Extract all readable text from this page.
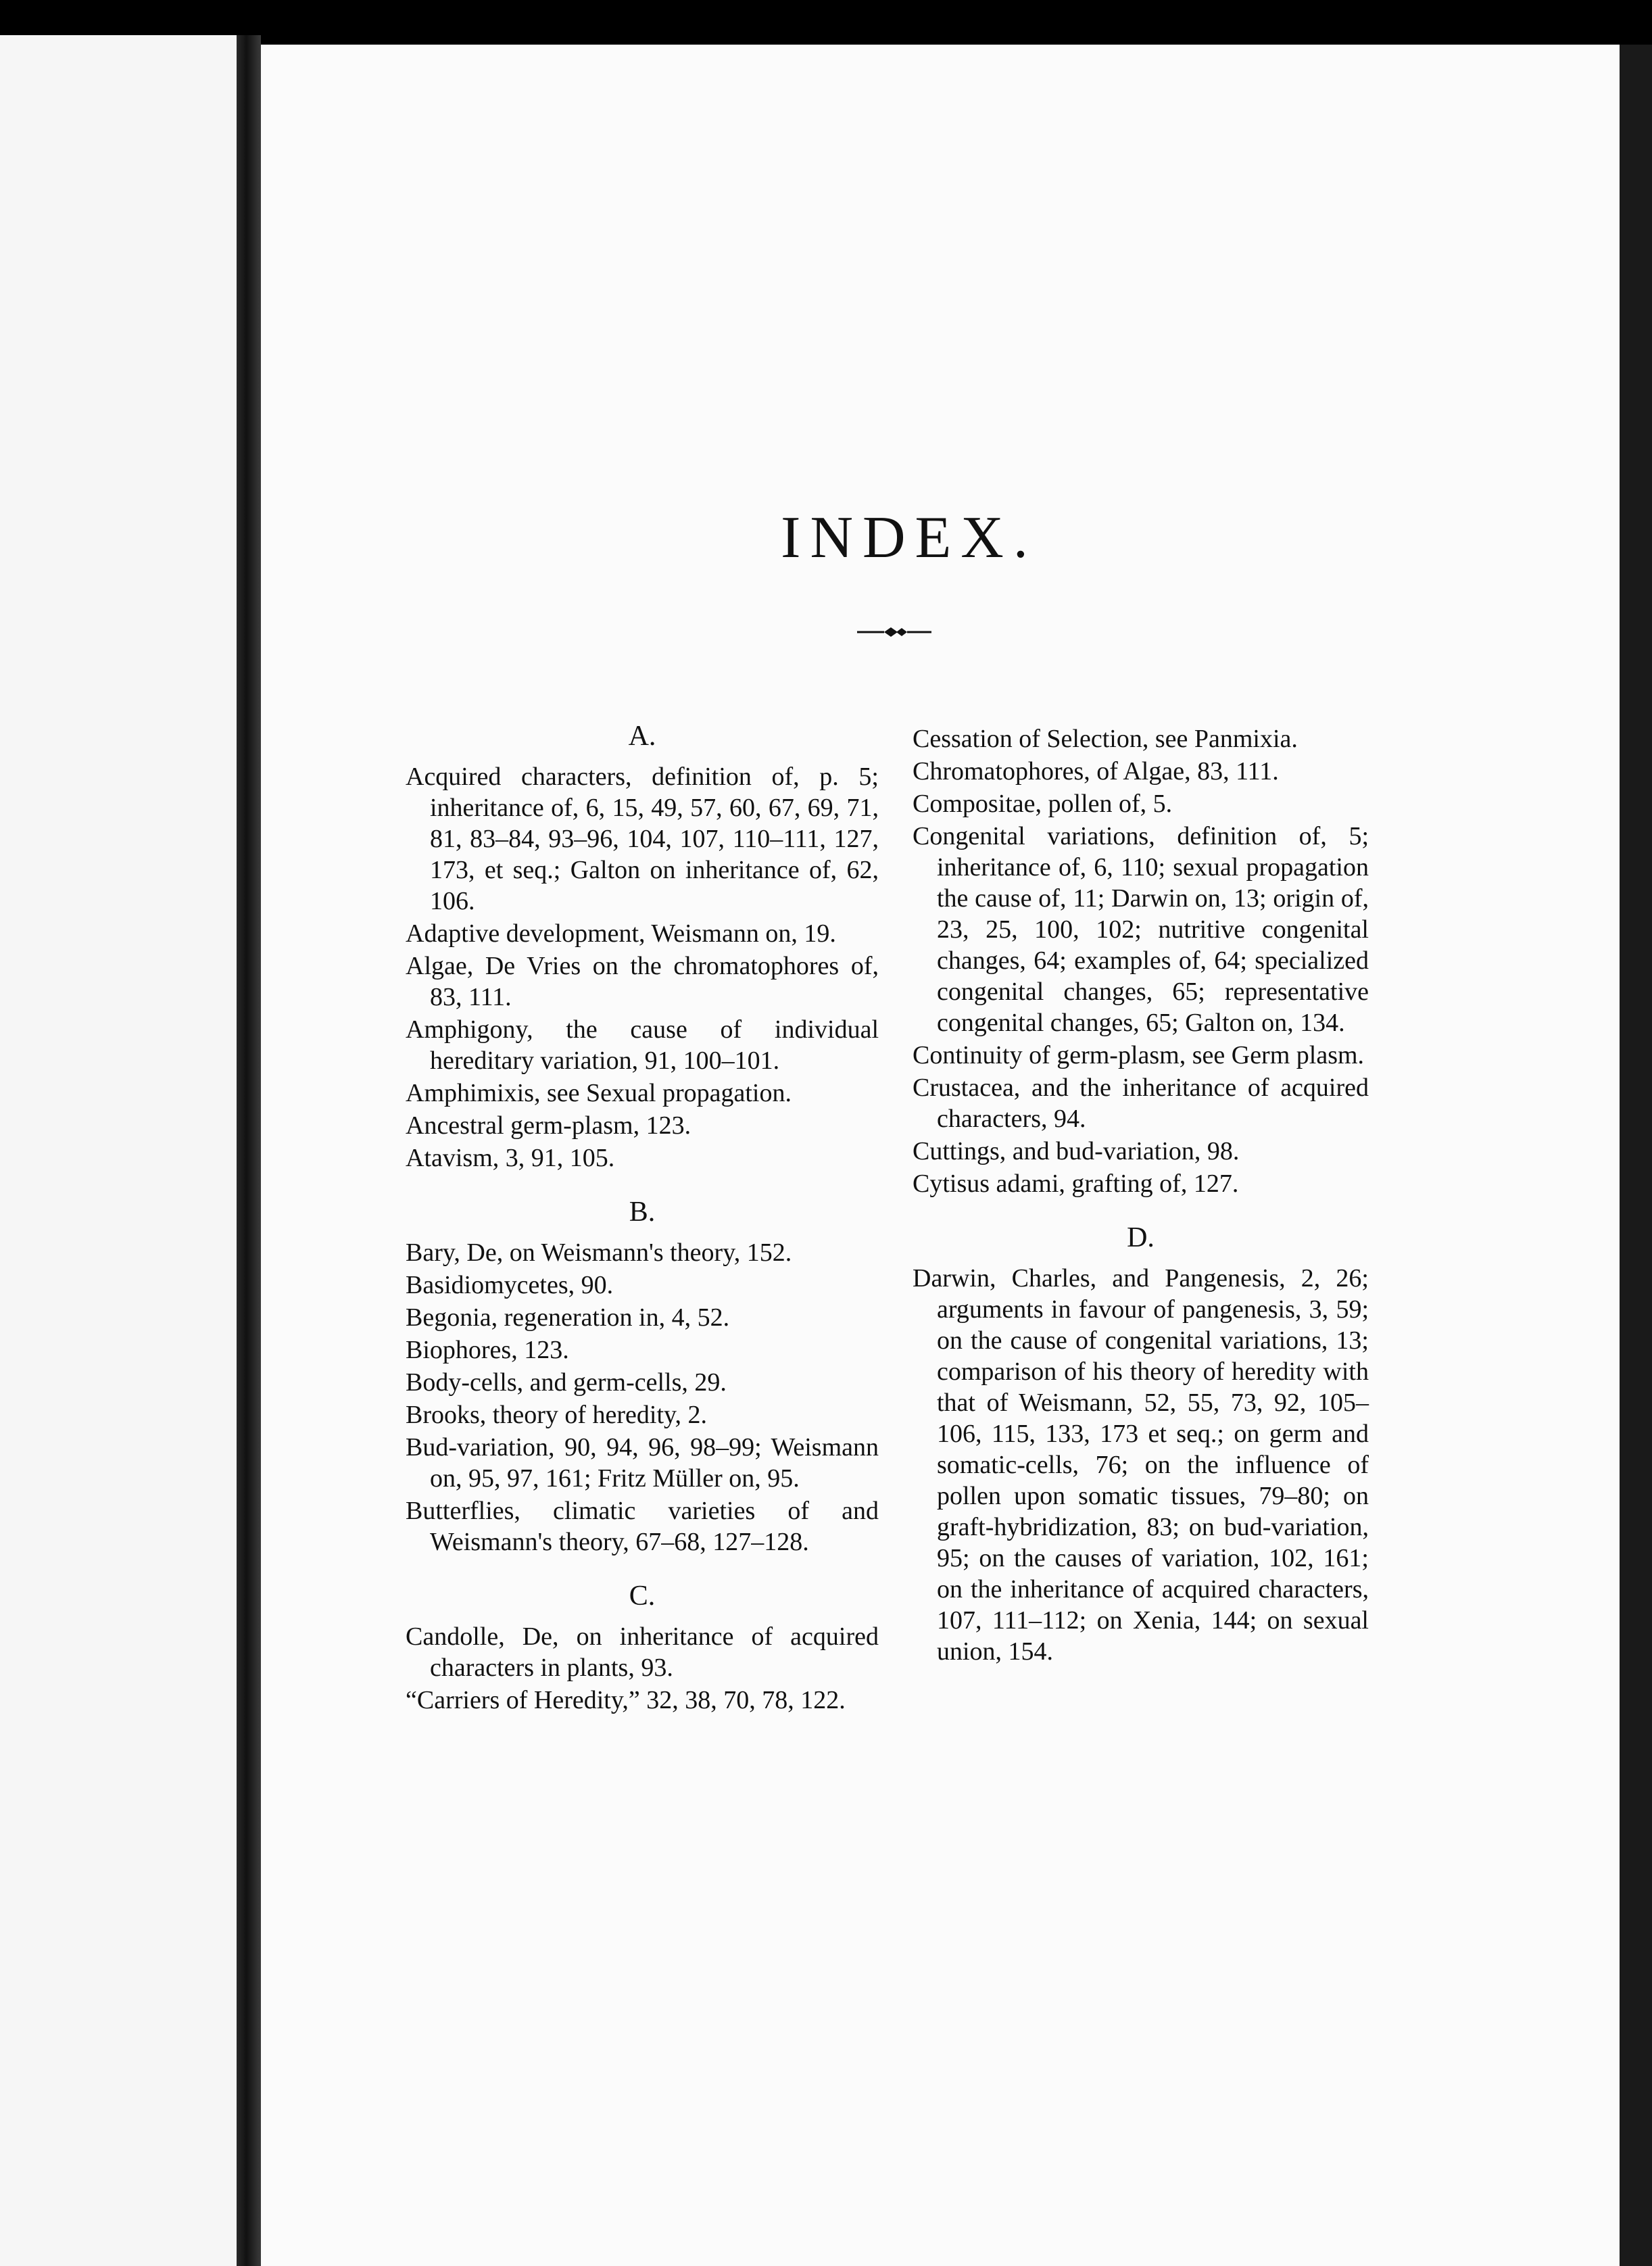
INDEX.
A.
Acquired characters, definition of, p. 5; inheritance of, 6, 15, 49, 57, 60, 67, 69, 71, 81, 83–84, 93–96, 104, 107, 110–111, 127, 173, et seq.; Galton on inheritance of, 62, 106.
Adaptive development, Weismann on, 19.
Algae, De Vries on the chromatophores of, 83, 111.
Amphigony, the cause of individual hereditary variation, 91, 100–101.
Amphimixis, see Sexual propagation.
Ancestral germ-plasm, 123.
Atavism, 3, 91, 105.
B.
Bary, De, on Weismann's theory, 152.
Basidiomycetes, 90.
Begonia, regeneration in, 4, 52.
Biophores, 123.
Body-cells, and germ-cells, 29.
Brooks, theory of heredity, 2.
Bud-variation, 90, 94, 96, 98–99; Weismann on, 95, 97, 161; Fritz Müller on, 95.
Butterflies, climatic varieties of and Weismann's theory, 67–68, 127–128.
C.
Candolle, De, on inheritance of acquired characters in plants, 93.
“Carriers of Heredity,” 32, 38, 70, 78, 122.
Cessation of Selection, see Panmixia.
Chromatophores, of Algae, 83, 111.
Compositae, pollen of, 5.
Congenital variations, definition of, 5; inheritance of, 6, 110; sexual propagation the cause of, 11; Darwin on, 13; origin of, 23, 25, 100, 102; nutritive congenital changes, 64; examples of, 64; specialized congenital changes, 65; representative congenital changes, 65; Galton on, 134.
Continuity of germ-plasm, see Germ plasm.
Crustacea, and the inheritance of acquired characters, 94.
Cuttings, and bud-variation, 98.
Cytisus adami, grafting of, 127.
D.
Darwin, Charles, and Pangenesis, 2, 26; arguments in favour of pangenesis, 3, 59; on the cause of congenital variations, 13; comparison of his theory of heredity with that of Weismann, 52, 55, 73, 92, 105–106, 115, 133, 173 et seq.; on germ and somatic-cells, 76; on the influence of pollen upon somatic tissues, 79–80; on graft-hybridization, 83; on bud-variation, 95; on the causes of variation, 102, 161; on the inheritance of acquired characters, 107, 111–112; on Xenia, 144; on sexual union, 154.
